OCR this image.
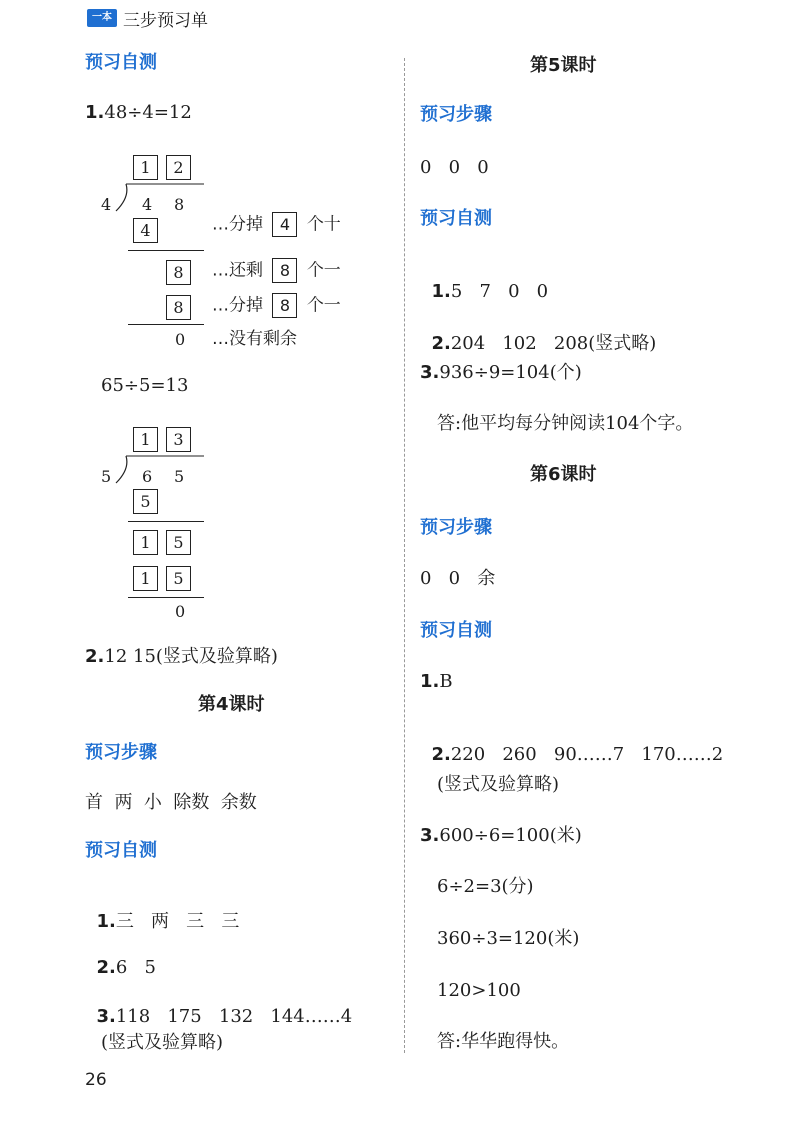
一本 三步预习单
预习自测
1.48÷4=12
1	2
4 4 8
4	…分掉 4 个十
8	…还剩 8 个一
8	…分掉 8 个一
0 …没有剩余
65÷5=13
1	3
5 6 5
5
1	5
1	5
0
2.12 15(竖式及验算略)
第4课时
预习步骤
首  两  小  除数  余数
预习自测

1.三   两   三   三

2.6   5

3.118   175   132   144……4

(竖式及验算略)
26
第5课时
预习步骤
0   0   0
预习自测

1.5   7   0   0

2.204   102   208(竖式略)

3.936÷9=104(个)
答:他平均每分钟阅读104个字。
第6课时
预习步骤
0   0   余
预习自测
1.B

2.220   260   90……7   170……2

(竖式及验算略)
3.600÷6=100(米)
6÷2=3(分)
360÷3=120(米)
120>100
答:华华跑得快。
